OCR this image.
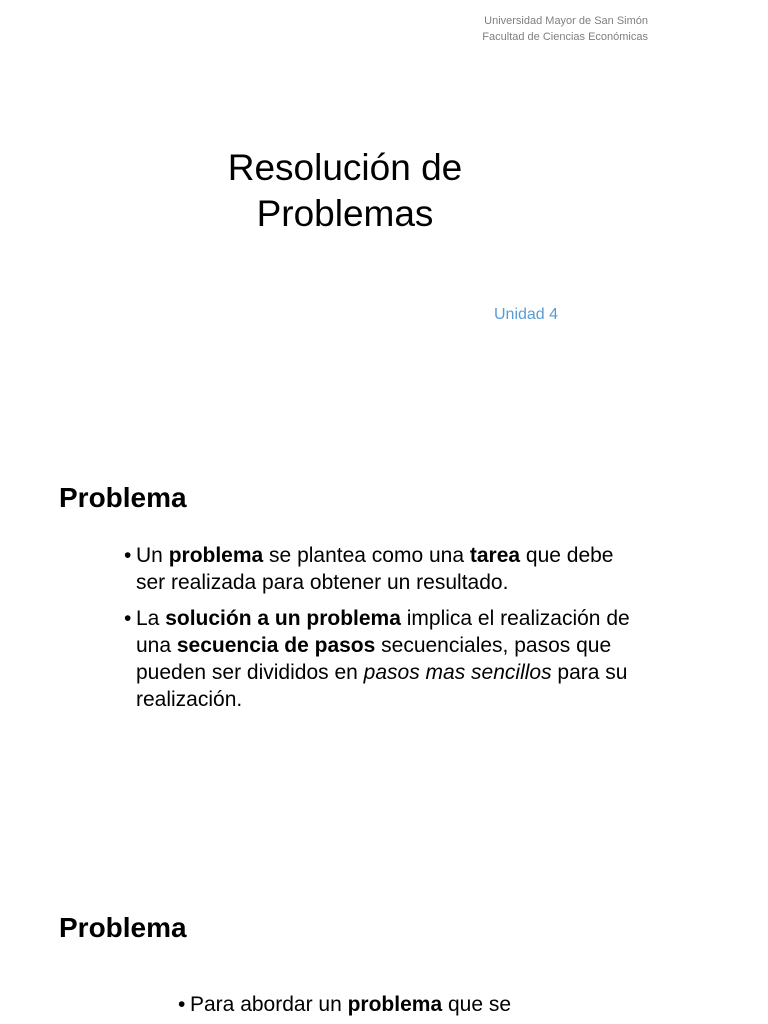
Universidad Mayor de San Simón
Facultad de Ciencias Económicas
Resolución de
Problemas
Unidad 4
Problema
• Un problema se plantea como una tarea que debe ser realizada para obtener un resultado.
• La solución a un problema implica el realización de una secuencia de pasos secuenciales, pasos que pueden ser divididos en pasos mas sencillos para su realización.
Problema
• Para abordar un problema que se
